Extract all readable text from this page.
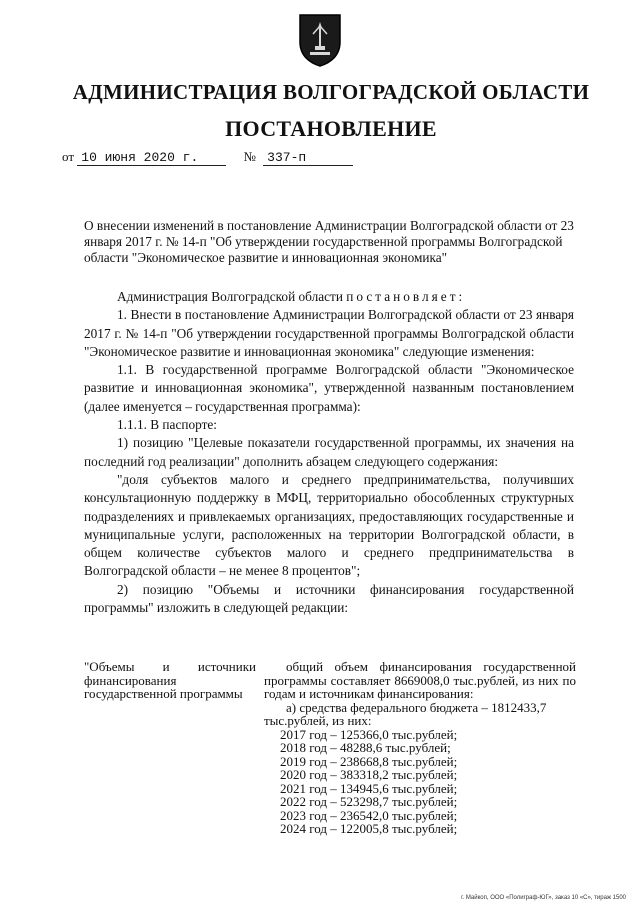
АДМИНИСТРАЦИЯ ВОЛГОГРАДСКОЙ ОБЛАСТИ
ПОСТАНОВЛЕНИЕ
от 10 июня 2020 г.	№ 337-п
О внесении изменений в постановление Администрации Волгоградской области от 23 января 2017 г. № 14-п "Об утверждении государственной программы Волгоградской области "Экономическое развитие и инновационная экономика"

Администрация Волгоградской области постановляет:

1. Внести в постановление Администрации Волгоградской области от 23 января 2017 г. № 14-п "Об утверждении государственной программы Волгоградской области "Экономическое развитие и инновационная экономика" следующие изменения:

1.1. В государственной программе Волгоградской области "Экономическое развитие и инновационная экономика", утвержденной названным постановлением (далее именуется – государственная программа):

1.1.1. В паспорте:

1) позицию "Целевые показатели государственной программы, их значения на последний год реализации" дополнить абзацем следующего содержания:

"доля субъектов малого и среднего предпринимательства, получивших консультационную поддержку в МФЦ, территориально обособленных структурных подразделениях и привлекаемых организациях, предоставляющих государственные и муниципальные услуги, расположенных на территории Волгоградской области, в общем количестве субъектов малого и среднего предпринимательства в Волгоградской области – не менее 8 процентов";

2) позицию "Объемы и источники финансирования государственной программы" изложить в следующей редакции:

"Объемы и источники финансирования государственной программы
общий объем финансирования государственной программы составляет 8669008,0 тыс.рублей, из них по годам и источникам финансирования:
а) средства федерального бюджета – 1812433,7 тыс.рублей, из них:
2017 год – 125366,0 тыс.рублей;
2018 год – 48288,6 тыс.рублей;
2019 год – 238668,8 тыс.рублей;
2020 год – 383318,2 тыс.рублей;
2021 год – 134945,6 тыс.рублей;
2022 год – 523298,7 тыс.рублей;
2023 год – 236542,0 тыс.рублей;
2024 год – 122005,8 тыс.рублей;
г. Майкоп, ООО «Полиграф-ЮГ», заказ 10 «С», тираж 1500
